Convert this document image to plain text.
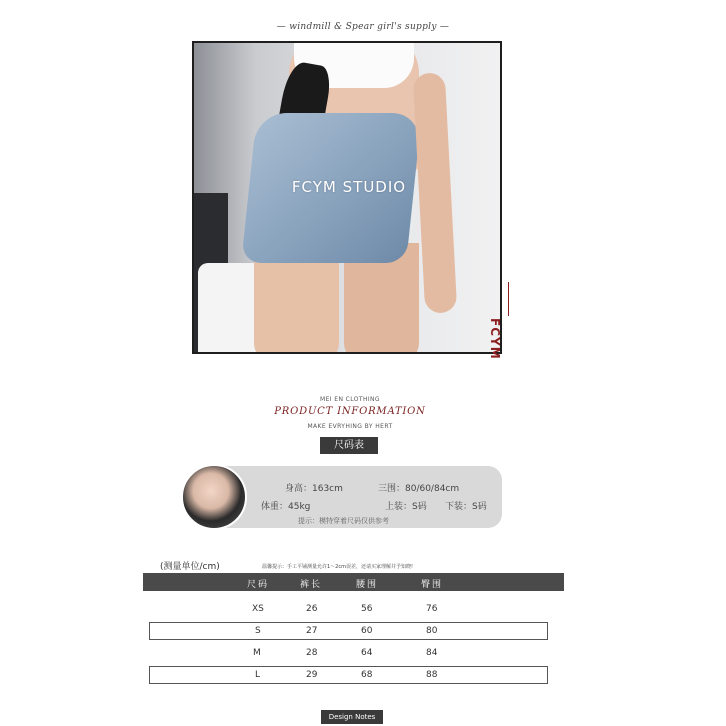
— windmill & Spear girl's supply —
FCYM STUDIO
FCYM
MEI EN CLOTHING
PRODUCT INFORMATION
MAKE EVRYHING BY HERT
尺码表
身高：163cm	三围：80/60/84cm
体重：45kg	上装：S码 下装：S码
提示：模特穿着尺码仅供参考
(测量单位/cm)	温馨提示：手工平铺测量允许1～2cm误差，还请买家理解并予知晓!
尺码	裤长	腰围	臀围
XS	26	56	76
S	27	60	80
M	28	64	84
L	29	68	88
Design Notes
